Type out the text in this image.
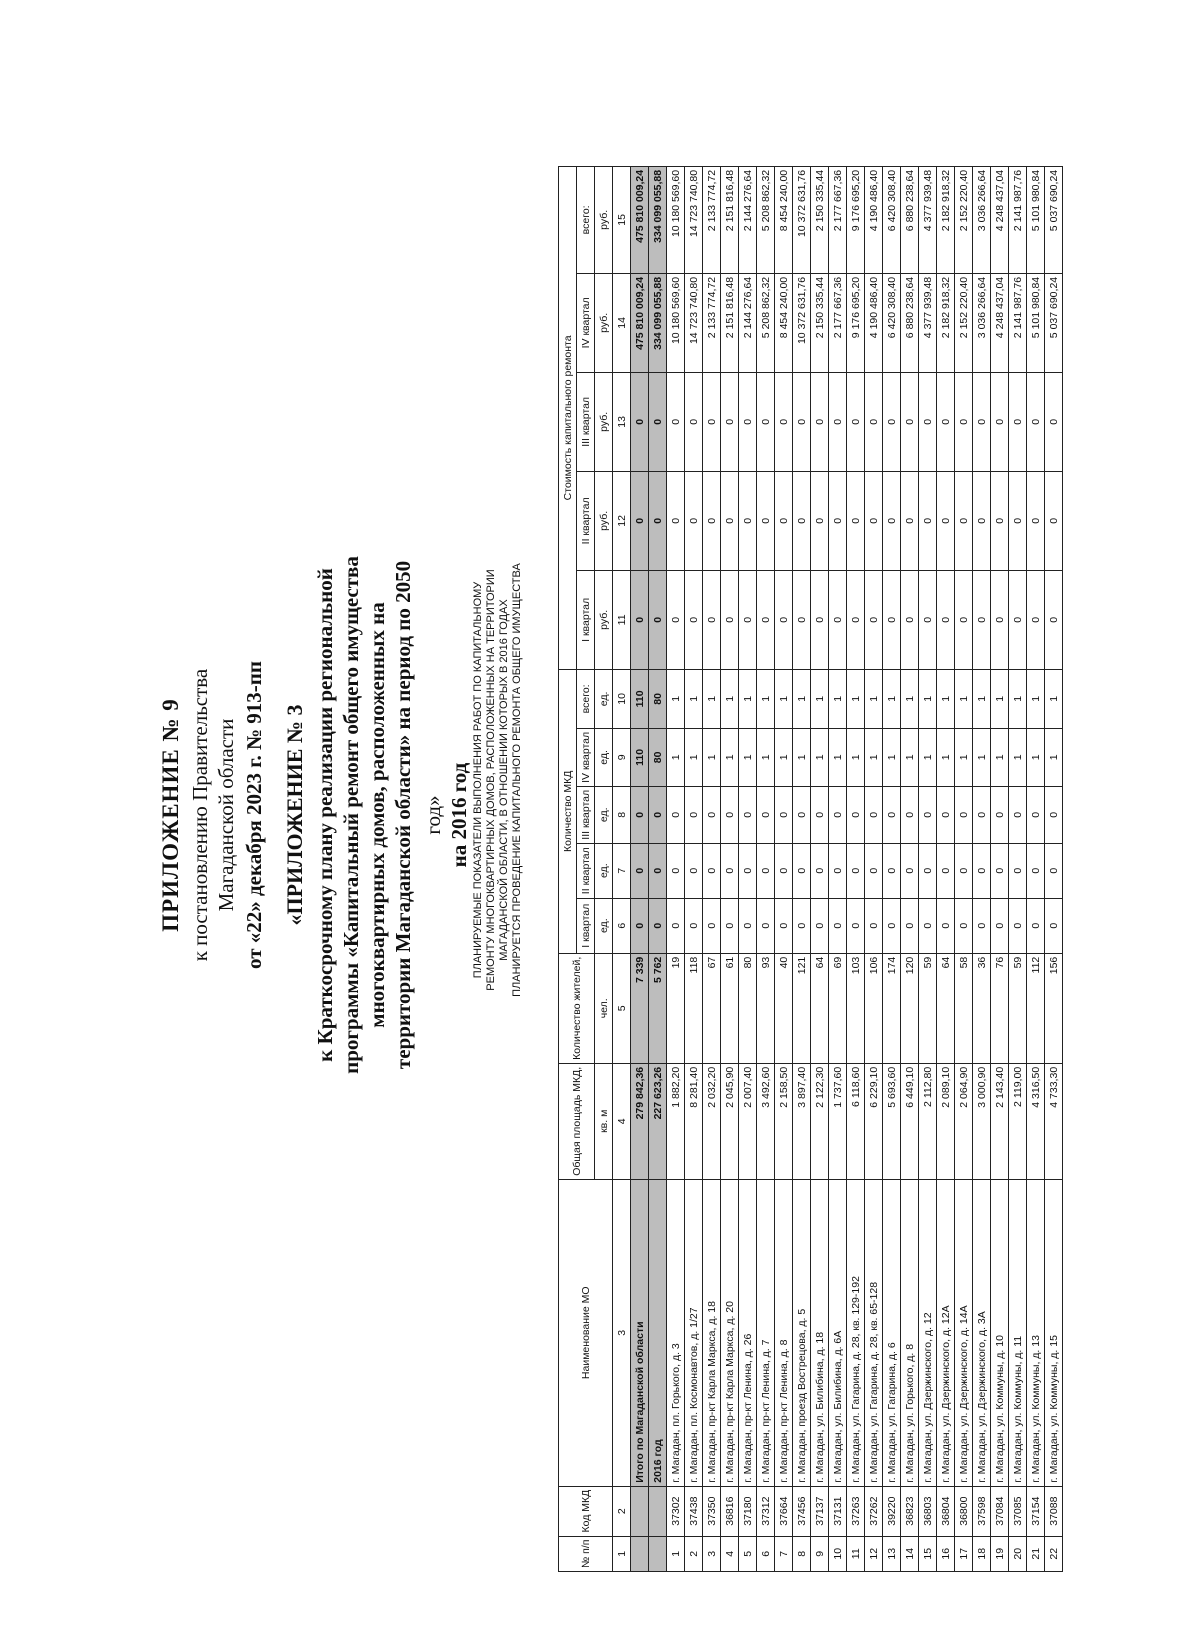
ПРИЛОЖЕНИЕ № 9 к постановлению Правительства Магаданской области от «22» декабря 2023 г. № 913-пп «ПРИЛОЖЕНИЕ № 3 к Краткосрочному плану реализации региональной программы «Капитальный ремонт общего имущества многоквартирных домов, расположенных на территории Магаданской области» на период по 2050 год» на 2016 год ПЛАНИРУЕМЫЕ ПОКАЗАТЕЛИ ВЫПОЛНЕНИЯ РАБОТ ПО КАПИТАЛЬНОМУ РЕМОНТУ МНОГОКВАРТИРНЫХ ДОМОВ, РАСПОЛОЖЕННЫХ НА ТЕРРИТОРИИ МАГАДАНСКОЙ ОБЛАСТИ, В ОТНОШЕНИИ КОТОРЫХ В 2016 ГОДАХ ПЛАНИРУЕТСЯ ПРОВЕДЕНИЕ КАПИТАЛЬНОГО РЕМОНТА ОБЩЕГО ИМУЩЕСТВА
№ п/п	Код МКД	Наименование МО	Общая площадь МКД,	Количество жителей,	Количество МКД					Стоимость капитального ремонта				
					I квартал	II квартал	III квартал	IV квартал	всего:	I квартал	II квартал	III квартал	IV квартал	всего:
			кв. м	чел.	ед.	ед.	ед.	ед.	ед.	руб.	руб.	руб.	руб.	руб.
1	2	3	4	5	6	7	8	9	10	11	12	13	14	15
		Итого по Магаданской области	279 842,36	7 339	0	0	0	110	110	0	0	0	475 810 009,24	475 810 009,24
		2016 год	227 623,26	5 762	0	0	0	80	80	0	0	0	334 099 055,88	334 099 055,88
1	37302	г. Магадан, пл. Горького, д. 3	1 882,20	19	0	0	0	1	1	0	0	0	10 180 569,60	10 180 569,60
2	37438	г. Магадан, пл. Космонавтов, д. 1/27	8 281,40	118	0	0	0	1	1	0	0	0	14 723 740,80	14 723 740,80
3	37350	г. Магадан, пр-кт Карла Маркса, д. 18	2 032,20	67	0	0	0	1	1	0	0	0	2 133 774,72	2 133 774,72
4	36816	г. Магадан, пр-кт Карла Маркса, д. 20	2 045,90	61	0	0	0	1	1	0	0	0	2 151 816,48	2 151 816,48
5	37180	г. Магадан, пр-кт Ленина, д. 26	2 007,40	80	0	0	0	1	1	0	0	0	2 144 276,64	2 144 276,64
6	37312	г. Магадан, пр-кт Ленина, д. 7	3 492,60	93	0	0	0	1	1	0	0	0	5 208 862,32	5 208 862,32
7	37664	г. Магадан, пр-кт Ленина, д. 8	2 158,50	40	0	0	0	1	1	0	0	0	8 454 240,00	8 454 240,00
8	37456	г. Магадан, проезд Вострецова, д. 5	3 897,40	121	0	0	0	1	1	0	0	0	10 372 631,76	10 372 631,76
9	37137	г. Магадан, ул. Билибина, д. 18	2 122,30	64	0	0	0	1	1	0	0	0	2 150 335,44	2 150 335,44
10	37131	г. Магадан, ул. Билибина, д. 6А	1 737,60	69	0	0	0	1	1	0	0	0	2 177 667,36	2 177 667,36
11	37263	г. Магадан, ул. Гагарина, д. 28, кв. 129-192	6 118,60	103	0	0	0	1	1	0	0	0	9 176 695,20	9 176 695,20
12	37262	г. Магадан, ул. Гагарина, д. 28, кв. 65-128	6 229,10	106	0	0	0	1	1	0	0	0	4 190 486,40	4 190 486,40
13	39220	г. Магадан, ул. Гагарина, д. 6	5 693,60	174	0	0	0	1	1	0	0	0	6 420 308,40	6 420 308,40
14	36823	г. Магадан, ул. Горького, д. 8	6 449,10	120	0	0	0	1	1	0	0	0	6 880 238,64	6 880 238,64
15	36803	г. Магадан, ул. Дзержинского, д. 12	2 112,80	59	0	0	0	1	1	0	0	0	4 377 939,48	4 377 939,48
16	36804	г. Магадан, ул. Дзержинского, д. 12А	2 089,10	64	0	0	0	1	1	0	0	0	2 182 918,32	2 182 918,32
17	36800	г. Магадан, ул. Дзержинского, д. 14А	2 064,90	58	0	0	0	1	1	0	0	0	2 152 220,40	2 152 220,40
18	37598	г. Магадан, ул. Дзержинского, д. 3А	3 000,90	36	0	0	0	1	1	0	0	0	3 036 266,64	3 036 266,64
19	37084	г. Магадан, ул. Коммуны, д. 10	2 143,40	76	0	0	0	1	1	0	0	0	4 248 437,04	4 248 437,04
20	37085	г. Магадан, ул. Коммуны, д. 11	2 119,00	59	0	0	0	1	1	0	0	0	2 141 987,76	2 141 987,76
21	37154	г. Магадан, ул. Коммуны, д. 13	4 316,50	112	0	0	0	1	1	0	0	0	5 101 980,84	5 101 980,84
22	37088	г. Магадан, ул. Коммуны, д. 15	4 733,30	156	0	0	0	1	1	0	0	0	5 037 690,24	5 037 690,24
